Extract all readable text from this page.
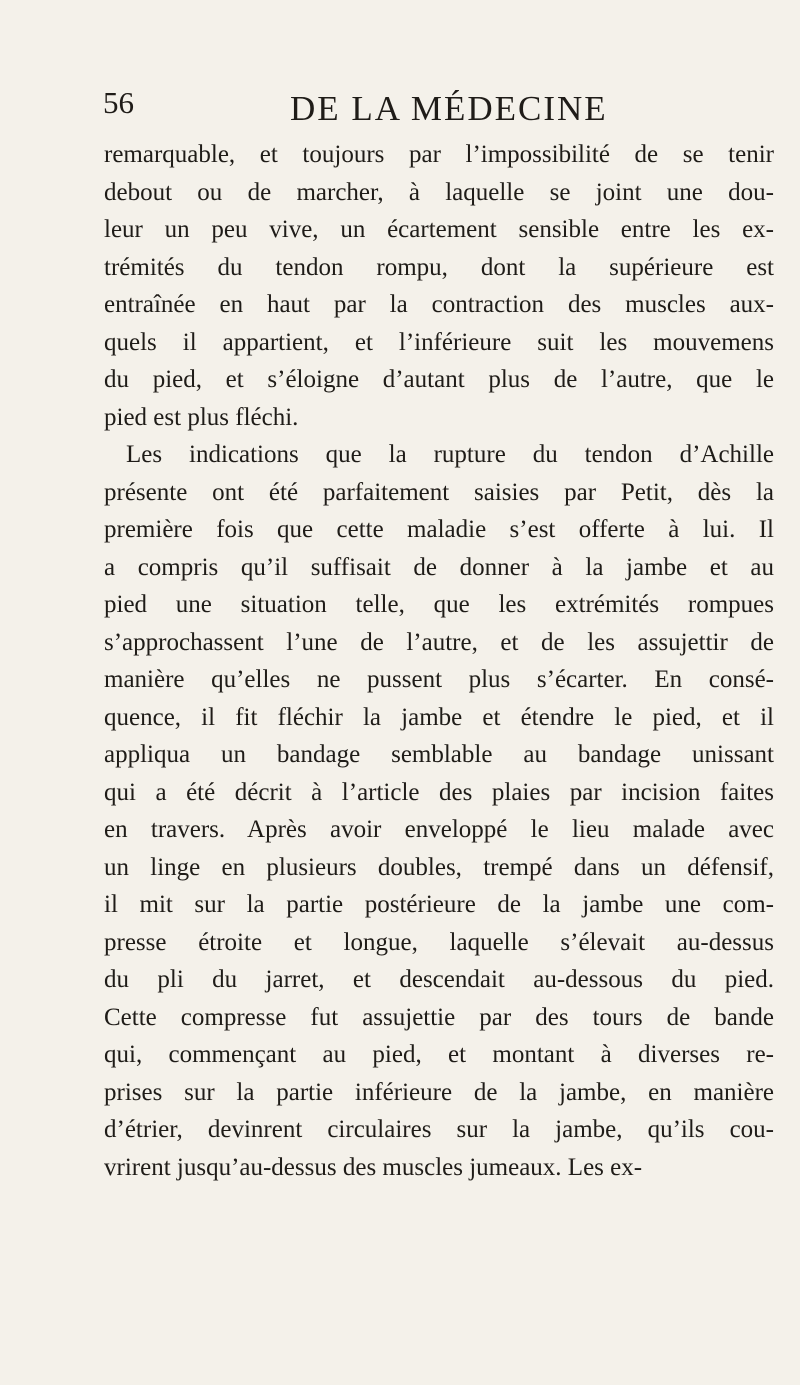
56	DE LA MÉDECINE
remarquable, et toujours par l’impossibilité de se tenir
debout ou de marcher, à laquelle se joint une dou-
leur un peu vive, un écartement sensible entre les ex-
trémités du tendon rompu, dont la supérieure est
entraînée en haut par la contraction des muscles aux-
quels il appartient, et l’inférieure suit les mouvemens
du pied, et s’éloigne d’autant plus de l’autre, que le
pied est plus fléchi.
Les indications que la rupture du tendon d’Achille
présente ont été parfaitement saisies par Petit, dès la
première fois que cette maladie s’est offerte à lui. Il
a compris qu’il suffisait de donner à la jambe et au
pied une situation telle, que les extrémités rompues
s’approchassent l’une de l’autre, et de les assujettir de
manière qu’elles ne pussent plus s’écarter. En consé-
quence, il fit fléchir la jambe et étendre le pied, et il
appliqua un bandage semblable au bandage unissant
qui a été décrit à l’article des plaies par incision faites
en travers. Après avoir enveloppé le lieu malade avec
un linge en plusieurs doubles, trempé dans un défensif,
il mit sur la partie postérieure de la jambe une com-
presse étroite et longue, laquelle s’élevait au-dessus
du pli du jarret, et descendait au-dessous du pied.
Cette compresse fut assujettie par des tours de bande
qui, commençant au pied, et montant à diverses re-
prises sur la partie inférieure de la jambe, en manière
d’étrier, devinrent circulaires sur la jambe, qu’ils cou-
vrirent jusqu’au-dessus des muscles jumeaux. Les ex-
